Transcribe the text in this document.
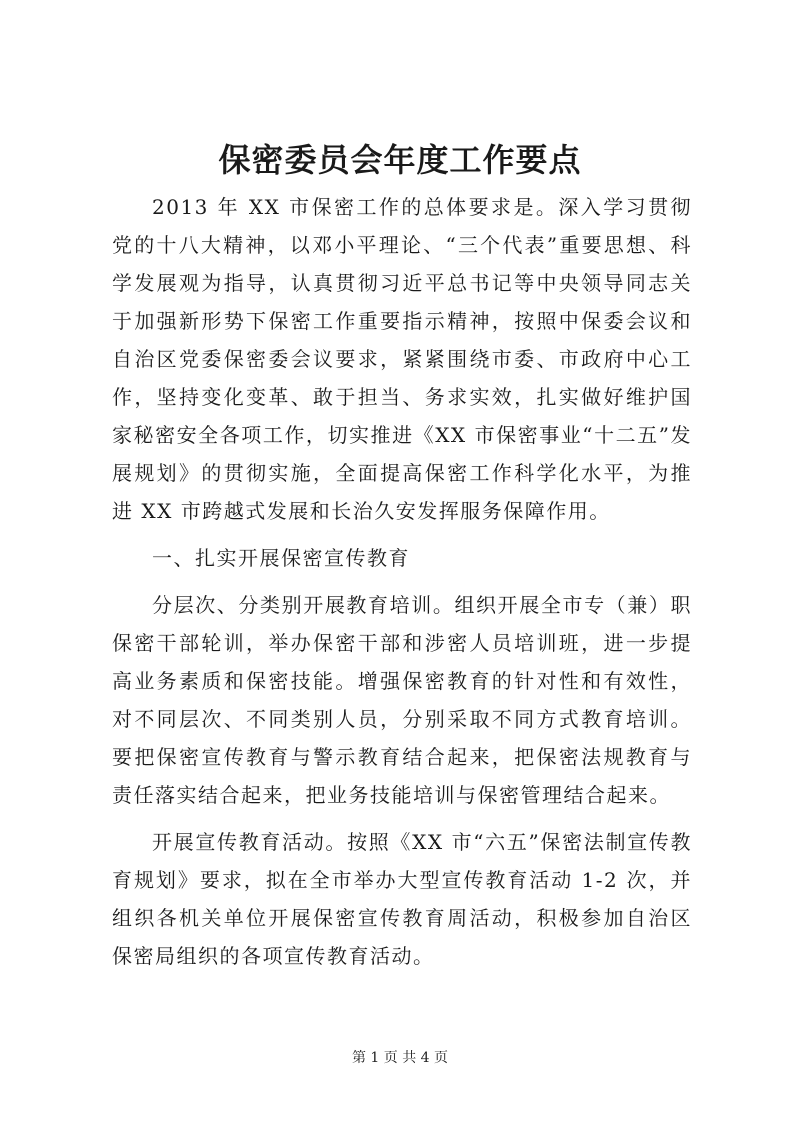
保密委员会年度工作要点

2013 年 XX 市保密工作的总体要求是。深入学习贯彻党的十八大精神，以邓小平理论、“三个代表”重要思想、科学发展观为指导，认真贯彻习近平总书记等中央领导同志关于加强新形势下保密工作重要指示精神，按照中保委会议和自治区党委保密委会议要求，紧紧围绕市委、市政府中心工作，坚持变化变革、敢于担当、务求实效，扎实做好维护国家秘密安全各项工作，切实推进《XX 市保密事业“十二五”发展规划》的贯彻实施，全面提高保密工作科学化水平，为推进 XX 市跨越式发展和长治久安发挥服务保障作用。

一、扎实开展保密宣传教育

分层次、分类别开展教育培训。组织开展全市专（兼）职保密干部轮训，举办保密干部和涉密人员培训班，进一步提高业务素质和保密技能。增强保密教育的针对性和有效性，对不同层次、不同类别人员，分别采取不同方式教育培训。要把保密宣传教育与警示教育结合起来，把保密法规教育与责任落实结合起来，把业务技能培训与保密管理结合起来。

开展宣传教育活动。按照《XX 市“六五”保密法制宣传教育规划》要求，拟在全市举办大型宣传教育活动 1-2 次，并组织各机关单位开展保密宣传教育周活动，积极参加自治区保密局组织的各项宣传教育活动。

第 1 页 共 4 页
